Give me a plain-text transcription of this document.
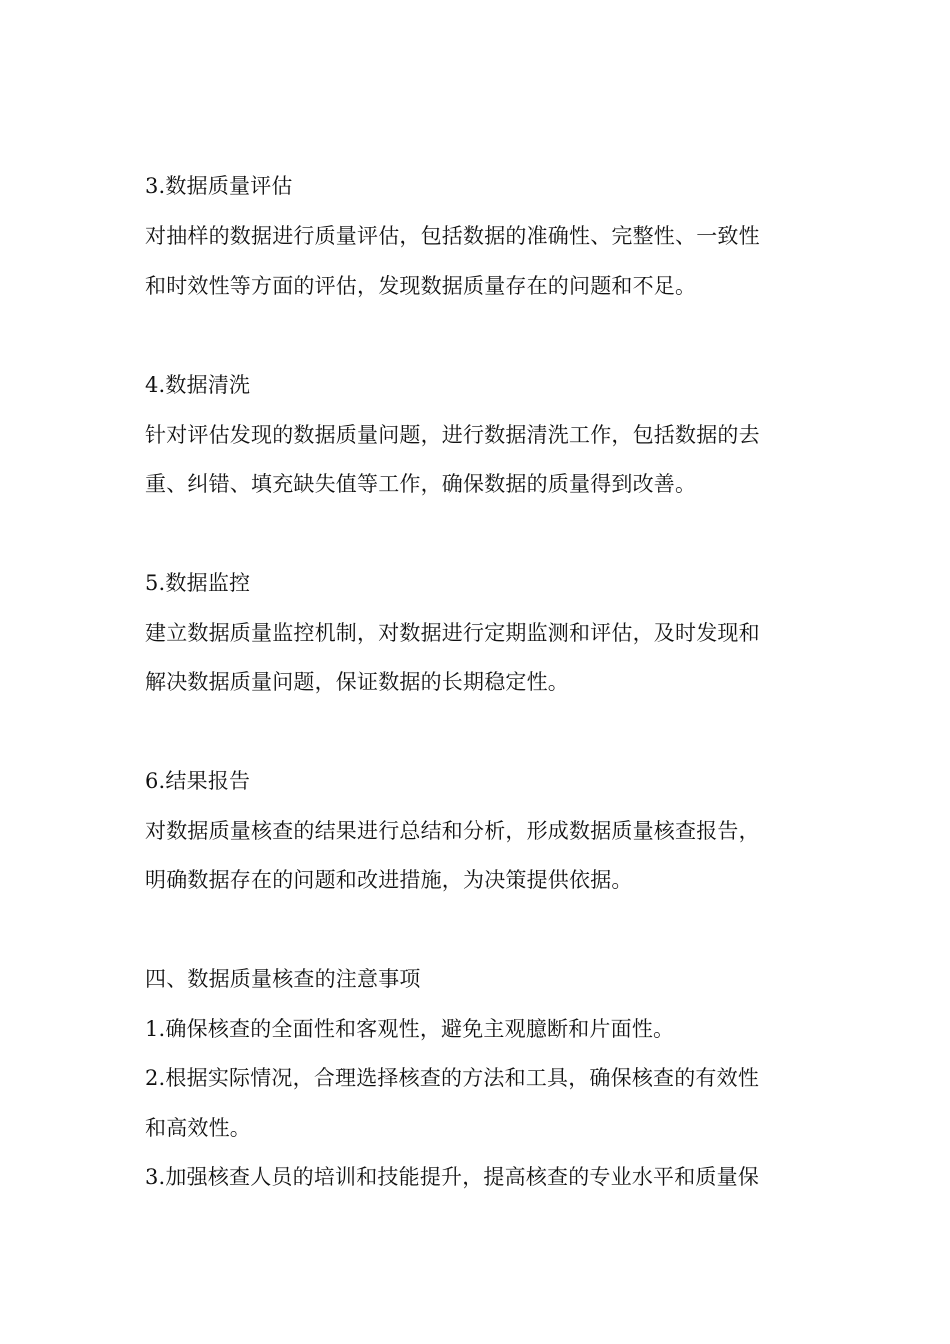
3.数据质量评估
对抽样的数据进行质量评估，包括数据的准确性、完整性、一致性
和时效性等方面的评估，发现数据质量存在的问题和不足。
4.数据清洗
针对评估发现的数据质量问题，进行数据清洗工作，包括数据的去
重、纠错、填充缺失值等工作，确保数据的质量得到改善。
5.数据监控
建立数据质量监控机制，对数据进行定期监测和评估，及时发现和
解决数据质量问题，保证数据的长期稳定性。
6.结果报告
对数据质量核查的结果进行总结和分析，形成数据质量核查报告，
明确数据存在的问题和改进措施，为决策提供依据。
四、数据质量核查的注意事项
1.确保核查的全面性和客观性，避免主观臆断和片面性。
2.根据实际情况，合理选择核查的方法和工具，确保核查的有效性
和高效性。
3.加强核查人员的培训和技能提升，提高核查的专业水平和质量保
